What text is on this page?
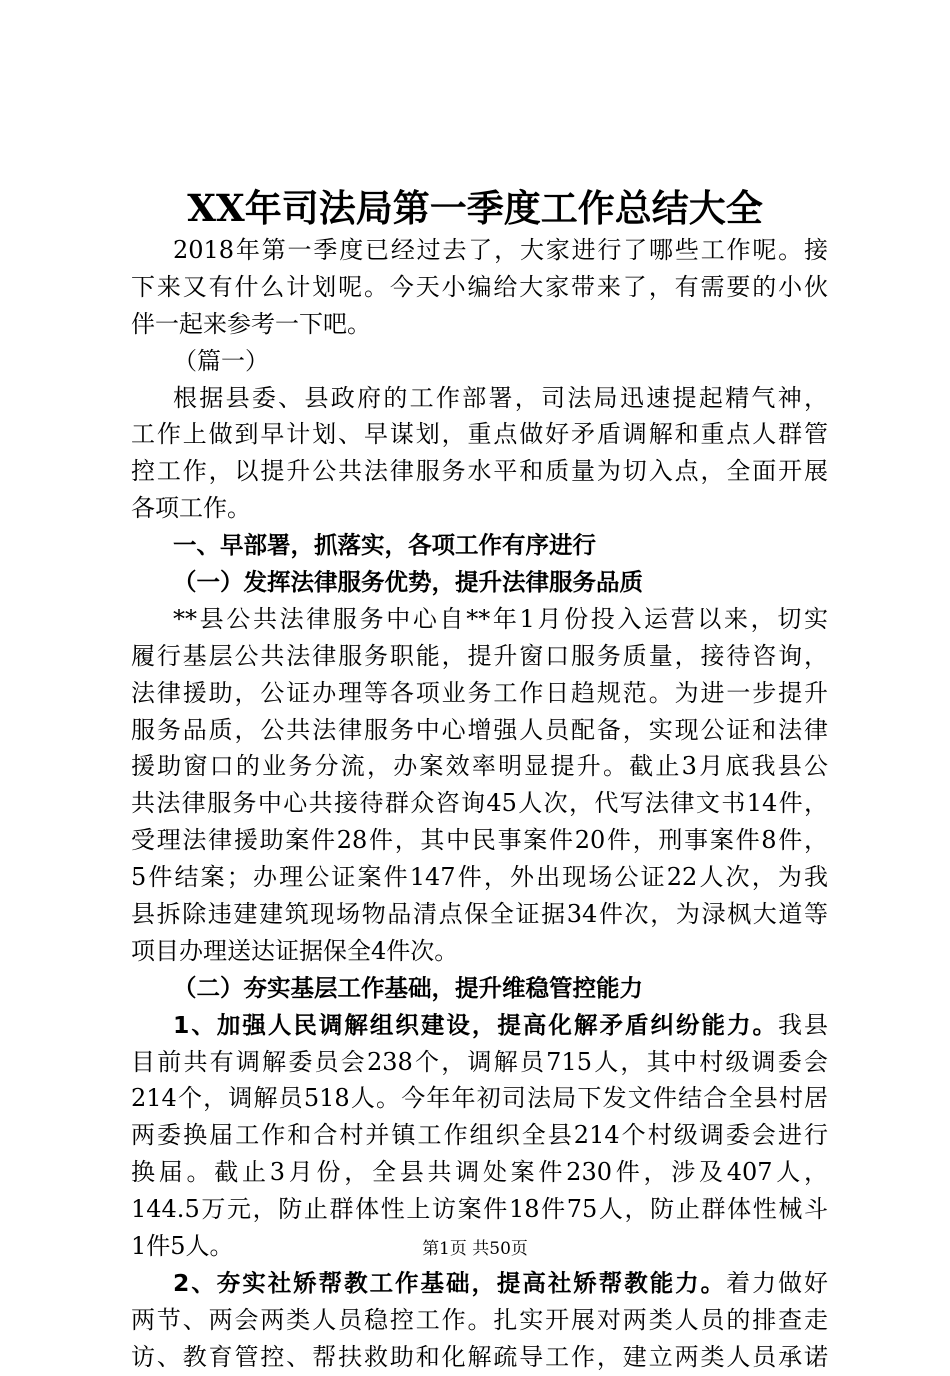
XX年司法局第一季度工作总结大全
2018年第一季度已经过去了，大家进行了哪些工作呢。接
下来又有什么计划呢。今天小编给大家带来了，有需要的小伙
伴一起来参考一下吧。
（篇一）
根据县委、县政府的工作部署，司法局迅速提起精气神，
工作上做到早计划、早谋划，重点做好矛盾调解和重点人群管
控工作，以提升公共法律服务水平和质量为切入点，全面开展
各项工作。
一、早部署，抓落实，各项工作有序进行
（一）发挥法律服务优势，提升法律服务品质
**县公共法律服务中心自**年1月份投入运营以来，切实
履行基层公共法律服务职能，提升窗口服务质量，接待咨询，
法律援助，公证办理等各项业务工作日趋规范。为进一步提升
服务品质，公共法律服务中心增强人员配备，实现公证和法律
援助窗口的业务分流，办案效率明显提升。截止3月底我县公
共法律服务中心共接待群众咨询45人次，代写法律文书14件，
受理法律援助案件28件，其中民事案件20件，刑事案件8件，
5件结案；办理公证案件147件，外出现场公证22人次，为我
县拆除违建建筑现场物品清点保全证据34件次，为渌枫大道等
项目办理送达证据保全4件次。
（二）夯实基层工作基础，提升维稳管控能力
1、加强人民调解组织建设，提高化解矛盾纠纷能力。我县
目前共有调解委员会238个，调解员715人，其中村级调委会
214个，调解员518人。今年年初司法局下发文件结合全县村居
两委换届工作和合村并镇工作组织全县214个村级调委会进行
换届。截止3月份，全县共调处案件230件，涉及407人，
144.5万元，防止群体性上访案件18件75人，防止群体性械斗
1件5人。
2、夯实社矫帮教工作基础，提高社矫帮教能力。着力做好
两节、两会两类人员稳控工作。扎实开展对两类人员的排查走
访、教育管控、帮扶救助和化解疏导工作，建立两类人员承诺
第1页 共50页
